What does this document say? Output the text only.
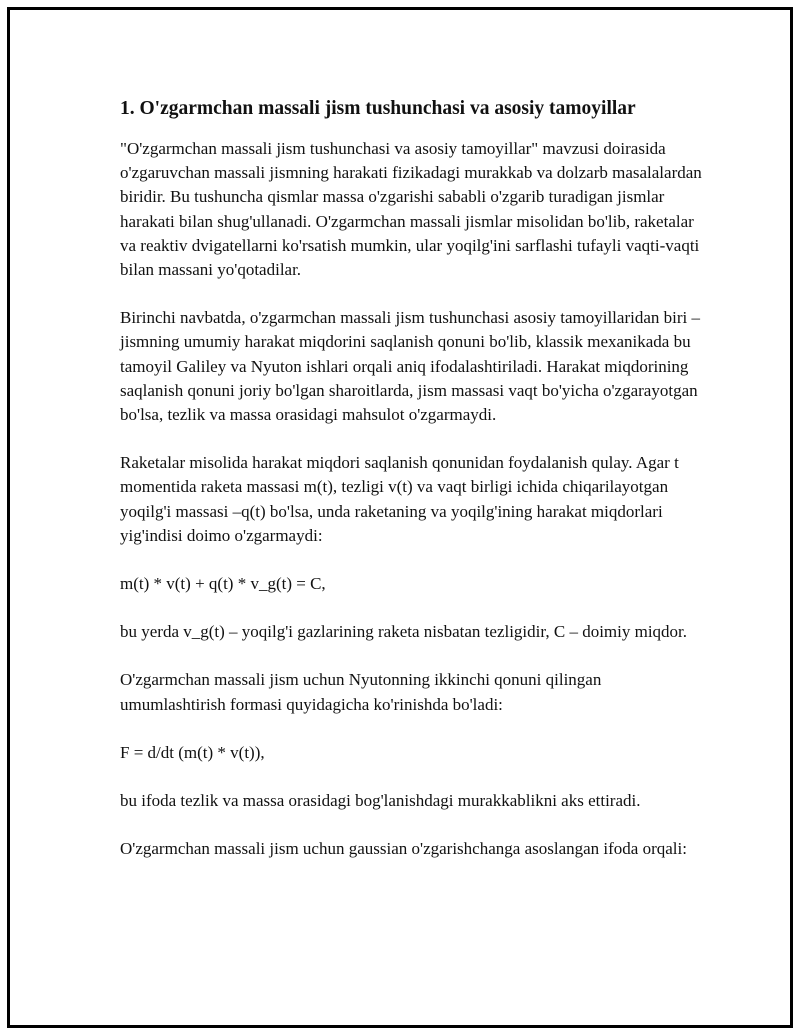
1. O'zgarmchan massali jism tushunchasi va asosiy tamoyillar

"O'zgarmchan massali jism tushunchasi va asosiy tamoyillar" mavzusi doirasida o'zgaruvchan massali jismning harakati fizikadagi murakkab va dolzarb masalalardan biridir. Bu tushuncha qismlar massa o'zgarishi sababli o'zgarib turadigan jismlar harakati bilan shug'ullanadi. O'zgarmchan massali jismlar misolidan bo'lib, raketalar va reaktiv dvigatellarni ko'rsatish mumkin, ular yoqilg'ini sarflashi tufayli vaqti-vaqti bilan massani yo'qotadilar.

Birinchi navbatda, o'zgarmchan massali jism tushunchasi asosiy tamoyillaridan biri – jismning umumiy harakat miqdorini saqlanish qonuni bo'lib, klassik mexanikada bu tamoyil Galiley va Nyuton ishlari orqali aniq ifodalashtiriladi. Harakat miqdorining saqlanish qonuni joriy bo'lgan sharoitlarda, jism massasi vaqt bo'yicha o'zgarayotgan bo'lsa, tezlik va massa orasidagi mahsulot o'zgarmaydi.

Raketalar misolida harakat miqdori saqlanish qonunidan foydalanish qulay. Agar t momentida raketa massasi m(t), tezligi v(t) va vaqt birligi ichida chiqarilayotgan yoqilg'i massasi –q(t) bo'lsa, unda raketaning va yoqilg'ining harakat miqdorlari yig'indisi doimo o'zgarmaydi:

m(t) * v(t) + q(t) * v_g(t) = C,

bu yerda v_g(t) – yoqilg'i gazlarining raketa nisbatan tezligidir, C – doimiy miqdor.

O'zgarmchan massali jism uchun Nyutonning ikkinchi qonuni qilingan umumlashtirish formasi quyidagicha ko'rinishda bo'ladi:

F = d/dt (m(t) * v(t)),

bu ifoda tezlik va massa orasidagi bog'lanishdagi murakkablikni aks ettiradi.

O'zgarmchan massali jism uchun gaussian o'zgarishchanga asoslangan ifoda orqali:
